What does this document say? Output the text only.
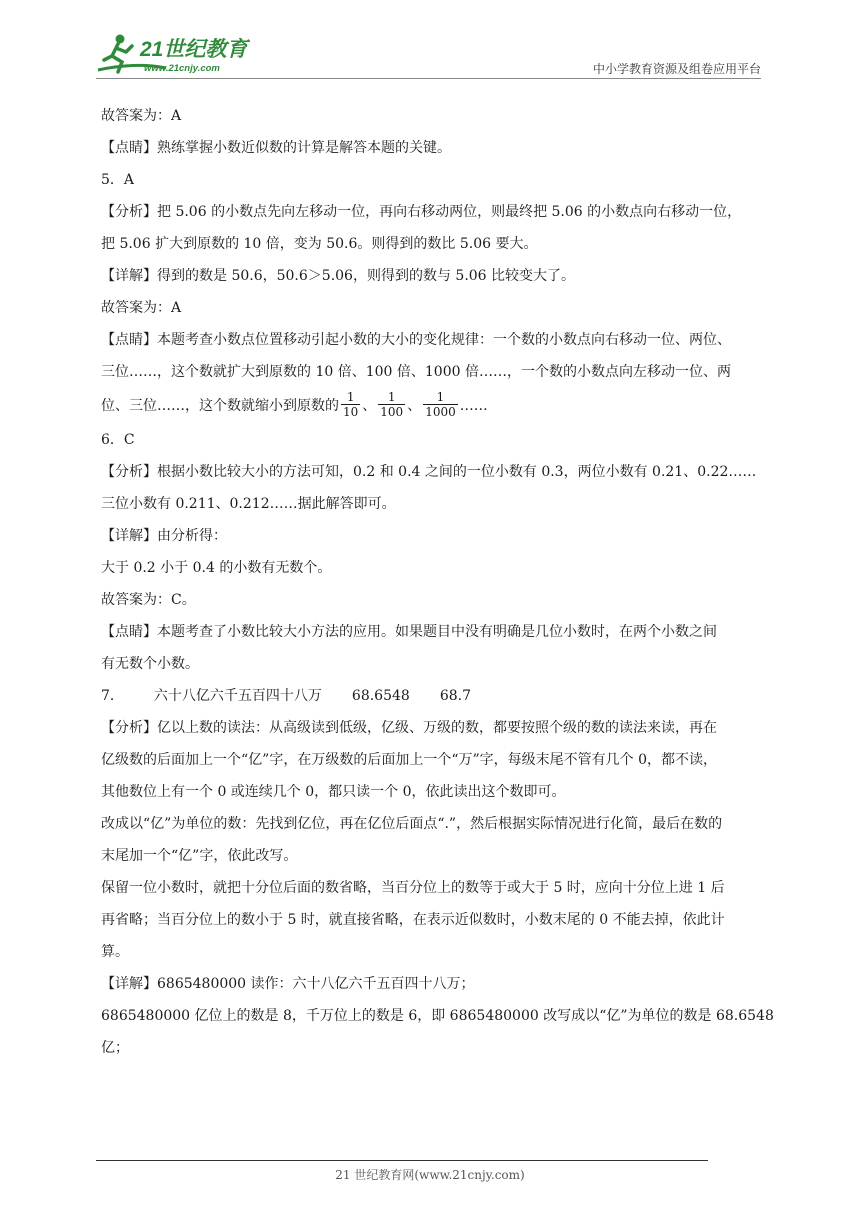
21世纪教育
www.21cnjy.com	中小学教育资源及组卷应用平台
故答案为：A
【点睛】熟练掌握小数近似数的计算是解答本题的关键。
5．A
【分析】把 5.06 的小数点先向左移动一位，再向右移动两位，则最终把 5.06 的小数点向右移动一位，
把 5.06 扩大到原数的 10 倍，变为 50.6。则得到的数比 5.06 要大。
【详解】得到的数是 50.6，50.6＞5.06，则得到的数与 5.06 比较变大了。
故答案为：A
【点睛】本题考查小数点位置移动引起小数的大小的变化规律：一个数的小数点向右移动一位、两位、
三位……，这个数就扩大到原数的 10 倍、100 倍、1000 倍……，一个数的小数点向左移动一位、两
位、三位……，这个数就缩小到原数的 $\frac{1}{10}$ 、 $\frac{1}{100}$ 、 $\frac{1}{1000}$ ……
6．C
【分析】根据小数比较大小的方法可知，0.2 和 0.4 之间的一位小数有 0.3，两位小数有 0.21、0.22……
三位小数有 0.211、0.212……据此解答即可。
【详解】由分析得：
大于 0.2 小于 0.4 的小数有无数个。
故答案为：C。
【点睛】本题考查了小数比较大小方法的应用。如果题目中没有明确是几位小数时，在两个小数之间
有无数个小数。
7． 六十八亿六千五百四十八万 68.6548 68.7
【分析】亿以上数的读法：从高级读到低级，亿级、万级的数，都要按照个级的数的读法来读，再在
亿级数的后面加上一个“亿”字，在万级数的后面加上一个“万”字，每级末尾不管有几个 0，都不读，
其他数位上有一个 0 或连续几个 0，都只读一个 0，依此读出这个数即可。
改成以“亿”为单位的数：先找到亿位，再在亿位后面点“.”，然后根据实际情况进行化简，最后在数的
末尾加一个“亿”字，依此改写。
保留一位小数时，就把十分位后面的数省略，当百分位上的数等于或大于 5 时，应向十分位上进 1 后
再省略；当百分位上的数小于 5 时，就直接省略，在表示近似数时，小数末尾的 0 不能去掉，依此计
算。
【详解】6865480000 读作：六十八亿六千五百四十八万；
6865480000 亿位上的数是 8，千万位上的数是 6，即 6865480000 改写成以“亿”为单位的数是 68.6548
亿；
21 世纪教育网(www.21cnjy.com)
